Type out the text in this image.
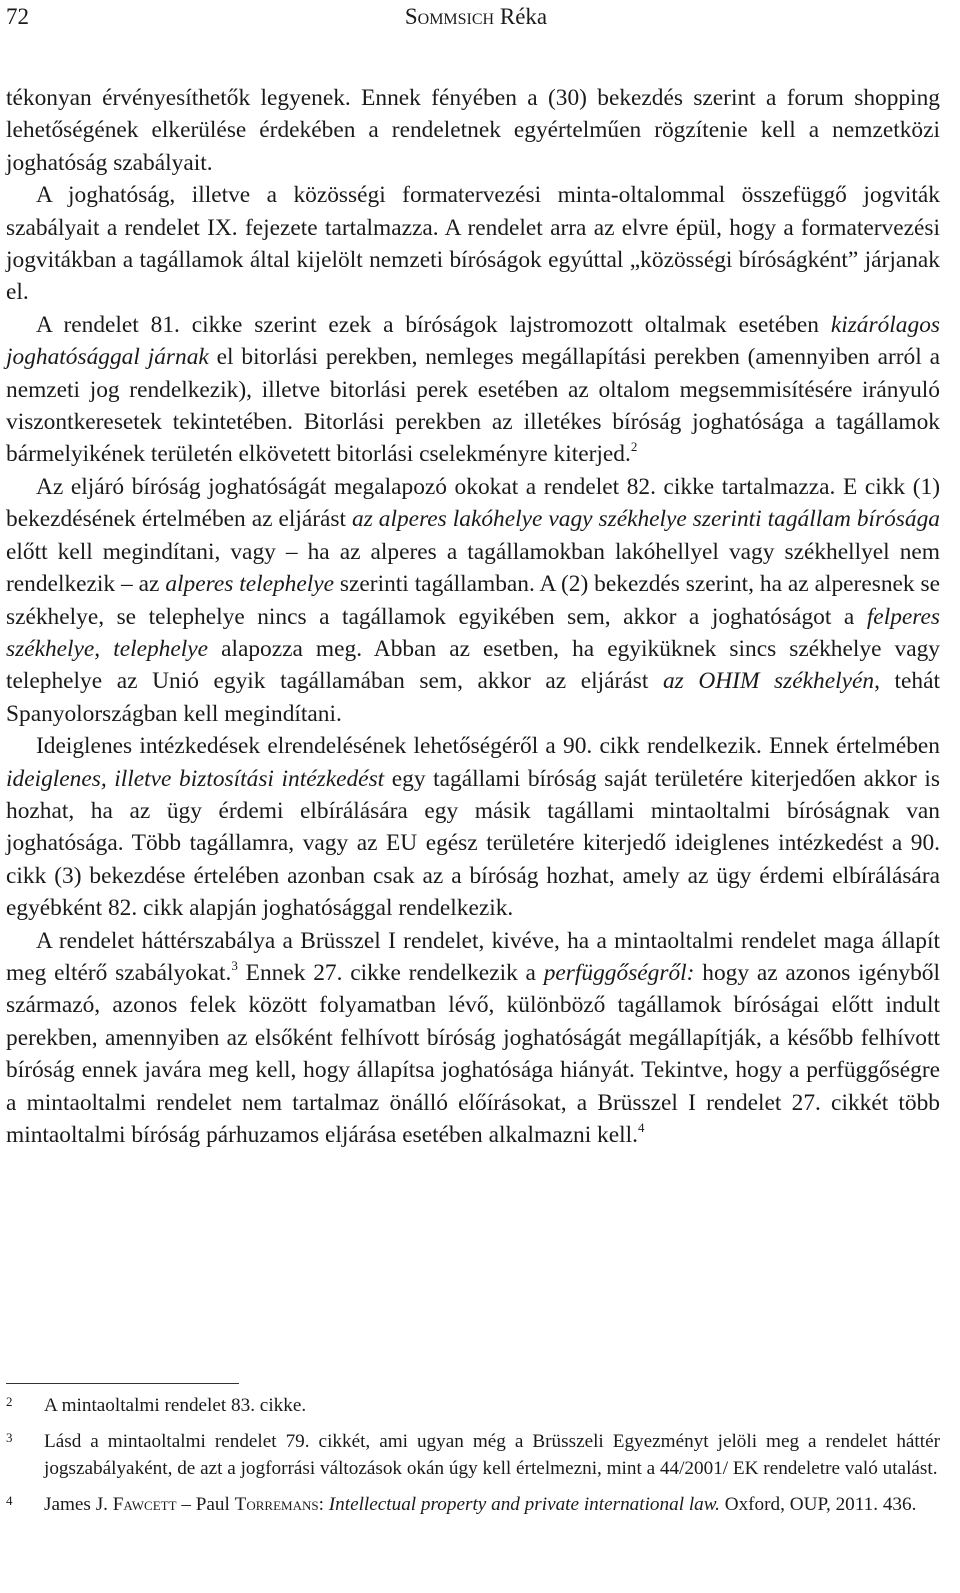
72	Sommsich Réka

tékonyan érvényesíthetők legyenek. Ennek fényében a (30) bekezdés szerint a forum shopping lehetőségének elkerülése érdekében a rendeletnek egyértelműen rögzítenie kell a nemzetközi joghatóság szabályait.

A joghatóság, illetve a közösségi formatervezési minta-oltalommal összefüggő jogviták szabályait a rendelet IX. fejezete tartalmazza. A rendelet arra az elvre épül, hogy a formatervezési jogvitákban a tagállamok által kijelölt nemzeti bíróságok egyúttal „közösségi bíróságként” járjanak el.

A rendelet 81. cikke szerint ezek a bíróságok lajstromozott oltalmak esetében kizárólagos joghatósággal járnak el bitorlási perekben, nemleges megállapítási perekben (amennyiben arról a nemzeti jog rendelkezik), illetve bitorlási perek esetében az oltalom megsemmisítésére irányuló viszontkeresetek tekintetében. Bitorlási perekben az illetékes bíróság joghatósága a tagállamok bármelyikének területén elkövetett bitorlási cselekményre kiterjed.$^2$

Az eljáró bíróság joghatóságát megalapozó okokat a rendelet 82. cikke tartalmazza. E cikk (1) bekezdésének értelmében az eljárást az alperes lakóhelye vagy székhelye szerinti tagállam bírósága előtt kell megindítani, vagy – ha az alperes a tagállamokban lakóhellyel vagy székhellyel nem rendelkezik – az alperes telephelye szerinti tagállamban. A (2) bekezdés szerint, ha az alperesnek se székhelye, se telephelye nincs a tagállamok egyikében sem, akkor a joghatóságot a felperes székhelye, telephelye alapozza meg. Abban az esetben, ha egyiküknek sincs székhelye vagy telephelye az Unió egyik tagállamában sem, akkor az eljárást az OHIM székhelyén, tehát Spanyolországban kell megindítani.

Ideiglenes intézkedések elrendelésének lehetőségéről a 90. cikk rendelkezik. Ennek értelmében ideiglenes, illetve biztosítási intézkedést egy tagállami bíróság saját területére kiterjedően akkor is hozhat, ha az ügy érdemi elbírálására egy másik tagállami mintaoltalmi bíróságnak van joghatósága. Több tagállamra, vagy az EU egész területére kiterjedő ideiglenes intézkedést a 90. cikk (3) bekezdése értelében azonban csak az a bíróság hozhat, amely az ügy érdemi elbírálására egyébként 82. cikk alapján joghatósággal rendelkezik.

A rendelet háttérszabálya a Brüsszel I rendelet, kivéve, ha a mintaoltalmi rendelet maga állapít meg eltérő szabályokat.$^3$ Ennek 27. cikke rendelkezik a perfüggőségről: hogy az azonos igényből származó, azonos felek között folyamatban lévő, különböző tagállamok bíróságai előtt indult perekben, amennyiben az elsőként felhívott bíróság joghatóságát megállapítják, a később felhívott bíróság ennek javára meg kell, hogy állapítsa joghatósága hiányát. Tekintve, hogy a perfüggőségre a mintaoltalmi rendelet nem tartalmaz önálló előírásokat, a Brüsszel I rendelet 27. cikkét több mintaoltalmi bíróság párhuzamos eljárása esetében alkalmazni kell.$^4$

2 A mintaoltalmi rendelet 83. cikke.
3 Lásd a mintaoltalmi rendelet 79. cikkét, ami ugyan még a Brüsszeli Egyezményt jelöli meg a rendelet háttér jogszabályaként, de azt a jogforrási változások okán úgy kell értelmezni, mint a 44/2001/ EK rendeletre való utalást.
4 James J. Fawcett – Paul Torremans: Intellectual property and private international law. Oxford, OUP, 2011. 436.
